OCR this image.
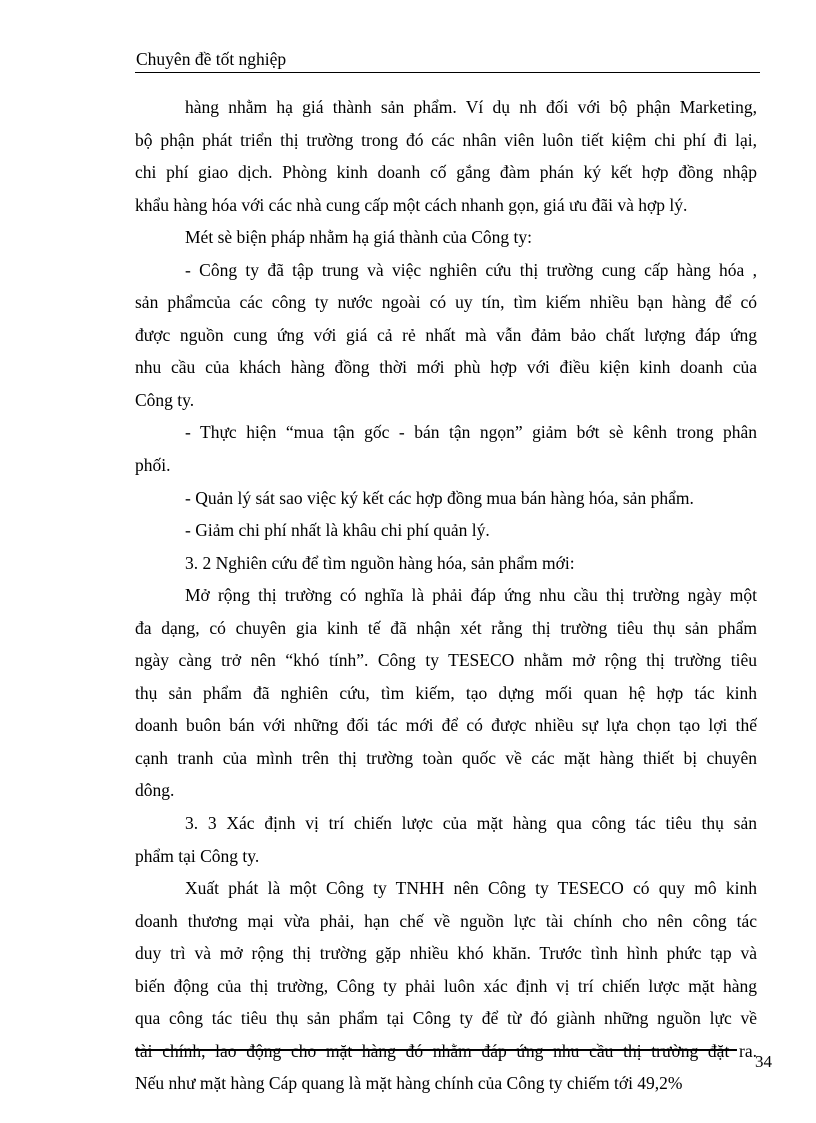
Chuyên đề tốt nghiệp
hàng nhằm hạ giá thành sản phẩm. Ví dụ nh đối với bộ phận Marketing,
bộ phận phát triển thị trường trong đó các nhân viên luôn tiết kiệm chi phí đi lại,
chi phí giao dịch. Phòng kinh doanh cố gắng đàm phán ký kết hợp đồng nhập
khẩu hàng hóa với các nhà cung cấp một cách nhanh gọn, giá ưu đãi và hợp lý.
Mét sè biện pháp nhằm hạ giá thành của Công ty:
- Công ty đã tập trung và việc nghiên cứu thị trường cung cấp hàng hóa ,
sản phẩmcủa các công ty nước ngoài có uy tín, tìm kiếm nhiều bạn hàng để có
được nguồn cung ứng với giá cả rẻ nhất mà vẫn đảm bảo chất lượng đáp ứng
nhu cầu của khách hàng đồng thời mới phù hợp với điều kiện kinh doanh của
Công ty.
- Thực hiện “mua tận gốc - bán tận ngọn” giảm bớt sè kênh trong phân
phối.
- Quản lý sát sao việc ký kết các hợp đồng mua bán hàng hóa, sản phẩm.
- Giảm chi phí nhất là khâu chi phí quản lý.
3. 2 Nghiên cứu để tìm nguồn hàng hóa, sản phẩm mới:
Mở rộng thị trường có nghĩa là phải đáp ứng nhu cầu thị trường ngày một
đa dạng, có chuyên gia kinh tế đã nhận xét rằng thị trường tiêu thụ sản phẩm
ngày càng trở nên “khó tính”. Công ty TESECO nhằm mở rộng thị trường tiêu
thụ sản phẩm đã nghiên cứu, tìm kiếm, tạo dựng mối quan hệ hợp tác kinh
doanh buôn bán với những đối tác mới để có được nhiều sự lựa chọn tạo lợi thế
cạnh tranh của mình trên thị trường toàn quốc về các mặt hàng thiết bị chuyên
dông.
3. 3 Xác định vị trí chiến lược của mặt hàng qua công tác tiêu thụ sản
phẩm tại Công ty.
Xuất phát là một Công ty TNHH nên Công ty TESECO có quy mô kinh
doanh thương mại vừa phải, hạn chế về nguồn lực tài chính cho nên công tác
duy trì và mở rộng thị trường gặp nhiều khó khăn. Trước tình hình phức tạp và
biến động của thị trường, Công ty phải luôn xác định vị trí chiến lược mặt hàng
qua công tác tiêu thụ sản phẩm tại Công ty để từ đó giành những nguồn lực về
tài chính, lao động cho mặt hàng đó nhằm đáp ứng nhu cầu thị trường đặt ra.
Nếu như mặt hàng Cáp quang là mặt hàng chính của Công ty chiếm tới 49,2%
34
